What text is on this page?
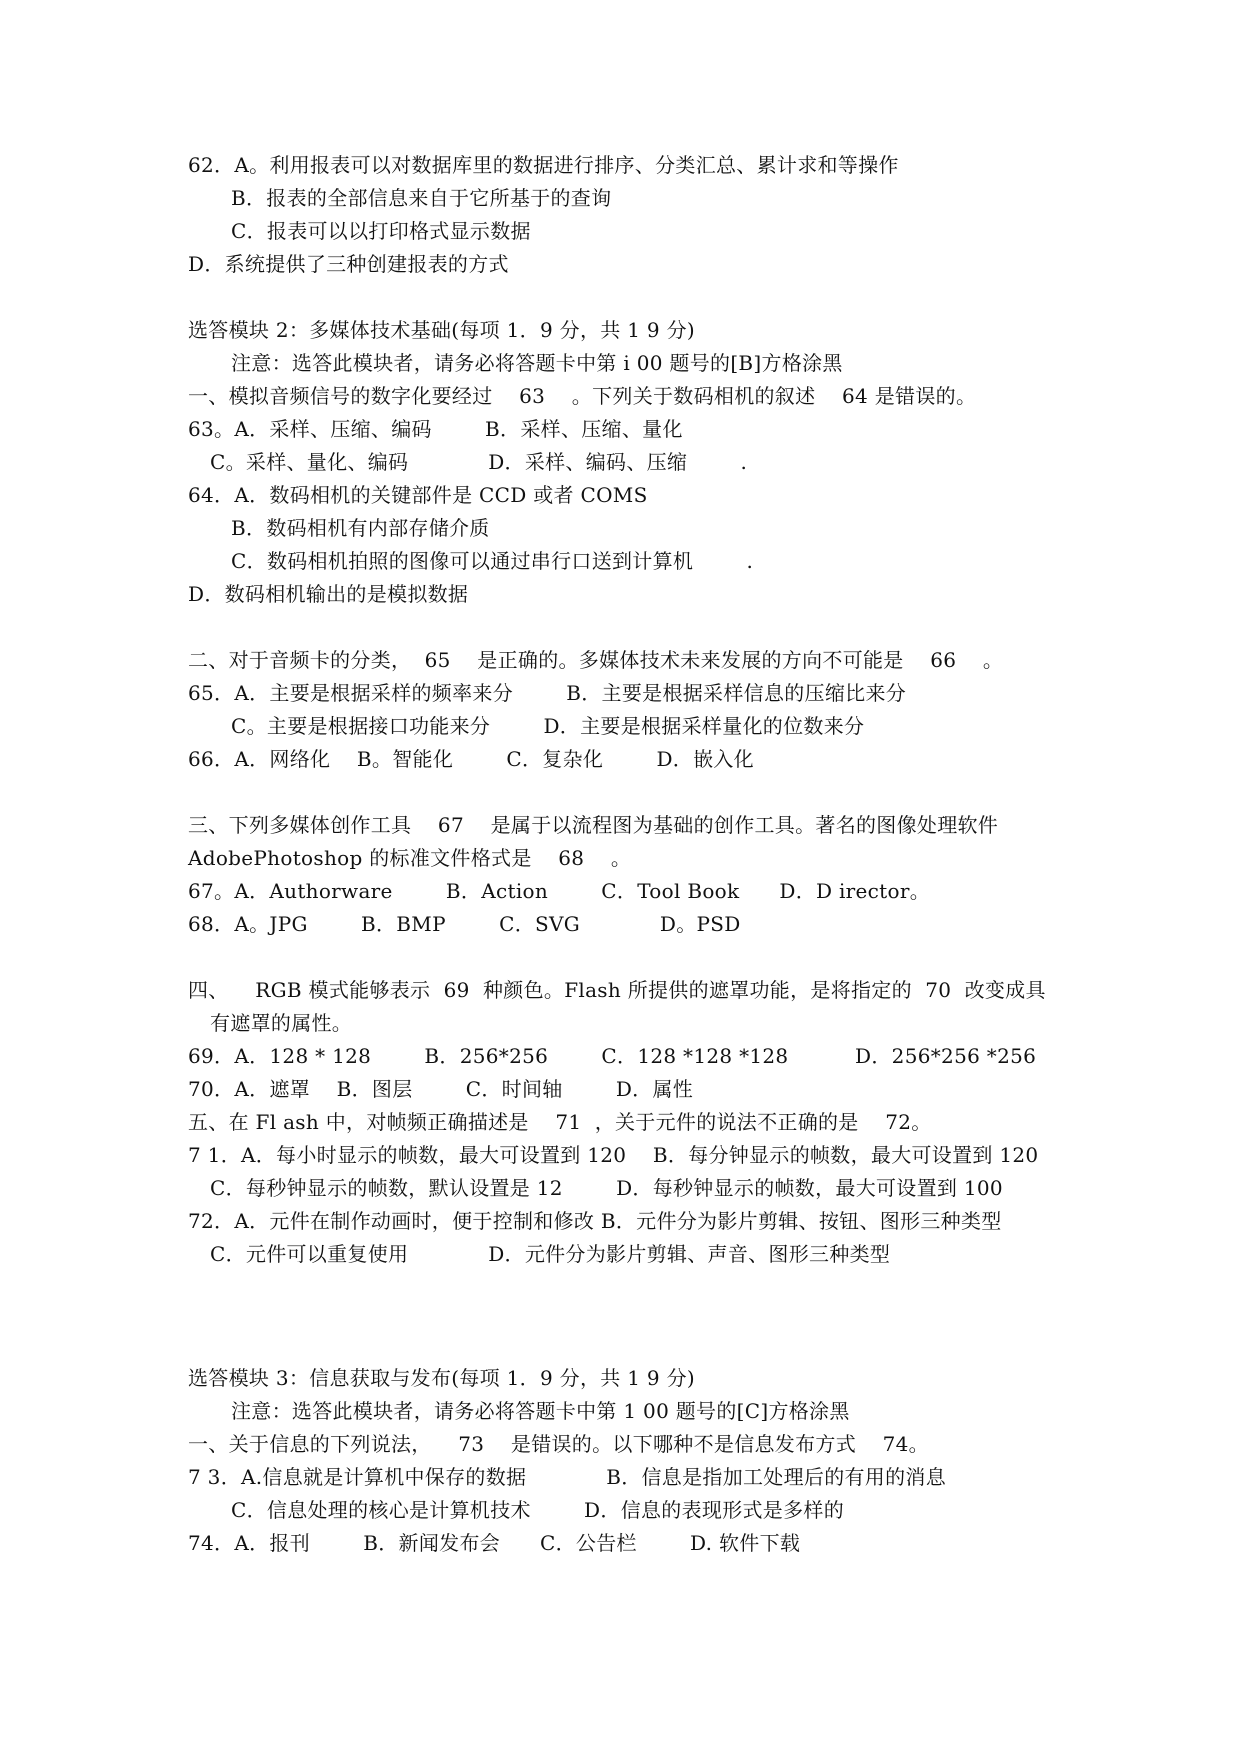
62．A。利用报表可以对数据库里的数据进行排序、分类汇总、累计求和等操作
B．报表的全部信息来自于它所基于的查询
C．报表可以以打印格式显示数据
D．系统提供了三种创建报表的方式
选答模块 2：多媒体技术基础(每项 1．9 分，共 1 9 分)
注意：选答此模块者，请务必将答题卡中第 i 00 题号的[B]方格涂黑
一、模拟音频信号的数字化要经过    63    。下列关于数码相机的叙述    64 是错误的。
63。A．采样、压缩、编码        B．采样、压缩、量化
C。采样、量化、编码            D．采样、编码、压缩        .
64．A．数码相机的关键部件是 CCD 或者 COMS
B．数码相机有内部存储介质
C．数码相机拍照的图像可以通过串行口送到计算机        .
D．数码相机输出的是模拟数据
二、对于音频卡的分类，  65    是正确的。多媒体技术未来发展的方向不可能是    66    。
65．A．主要是根据采样的频率来分        B．主要是根据采样信息的压缩比来分
C。主要是根据接口功能来分        D．主要是根据采样量化的位数来分
66．A．网络化    B。智能化        C．复杂化        D．嵌入化
三、下列多媒体创作工具    67    是属于以流程图为基础的创作工具。著名的图像处理软件
AdobePhotoshop 的标准文件格式是    68    。
67。A．Authorware        B．Action        C．Tool Book      D．D irector。
68．A。JPG        B．BMP        C．SVG            D。PSD
四、    RGB 模式能够表示  69  种颜色。Flash 所提供的遮罩功能，是将指定的  70  改变成具
有遮罩的属性。
69．A．128 * 128        B．256*256        C．128 *128 *128          D．256*256 *256
70．A．遮罩    B．图层        C．时间轴        D．属性
五、在 Fl ash 中，对帧频正确描述是    71  ，关于元件的说法不正确的是    72。
7 1．A．每小时显示的帧数，最大可设置到 120    B．每分钟显示的帧数，最大可设置到 120
C．每秒钟显示的帧数，默认设置是 12        D．每秒钟显示的帧数，最大可设置到 100
72．A．元件在制作动画时，便于控制和修改 B．元件分为影片剪辑、按钮、图形三种类型
C．元件可以重复使用            D．元件分为影片剪辑、声音、图形三种类型
选答模块 3：信息获取与发布(每项 1．9 分，共 1 9 分)
注意：选答此模块者，请务必将答题卡中第 1 00 题号的[C]方格涂黑
一、关于信息的下列说法，    73    是错误的。以下哪种不是信息发布方式    74。
7 3．A.信息就是计算机中保存的数据            B．信息是指加工处理后的有用的消息
C．信息处理的核心是计算机技术        D．信息的表现形式是多样的
74．A．报刊        B．新闻发布会      C．公告栏        D. 软件下载
